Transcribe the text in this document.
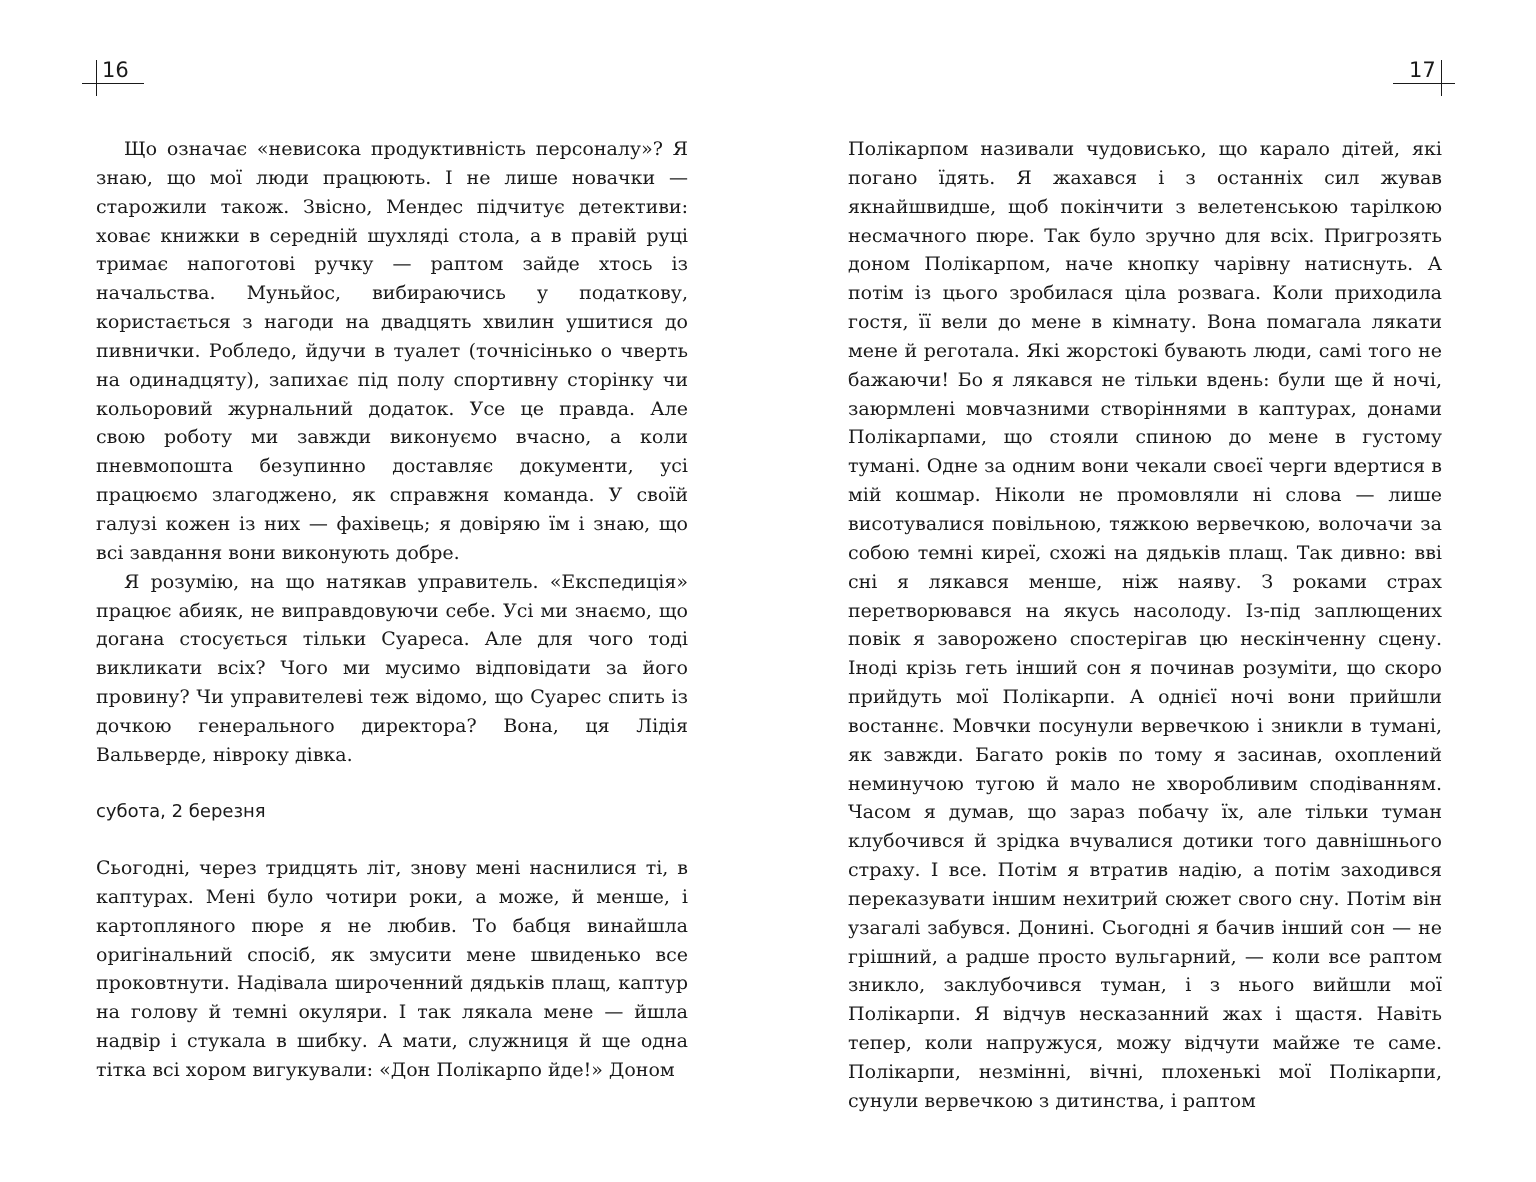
16

Що означає «невисока продуктивність персоналу»? Я знаю, що мої люди працюють. І не лише новачки — старожили також. Звісно, Мендес підчитує детективи: ховає книжки в середній шухляді стола, а в правій руці тримає напоготові ручку — раптом зайде хтось із начальства. Муньйос, вибираючись у податкову, користається з нагоди на двадцять хвилин ушитися до пивнички. Робледо, йдучи в туалет (точнісінько о чверть на одинадцяту), запихає під полу спортивну сторінку чи кольоровий журнальний додаток. Усе це правда. Але свою роботу ми завжди виконуємо вчасно, а коли пневмопошта безупинно доставляє документи, усі працюємо злагоджено, як справжня команда. У своїй галузі кожен із них — фахівець; я довіряю їм і знаю, що всі завдання вони виконують добре.

Я розумію, на що натякав управитель. «Експедиція» працює абияк, не виправдовуючи себе. Усі ми знаємо, що догана стосується тільки Суареса. Але для чого тоді викликати всіх? Чого ми мусимо відповідати за його провину? Чи управителеві теж відомо, що Суарес спить із дочкою генерального директора? Вона, ця Лідія Вальверде, нівроку дівка.

субота, 2 березня

Сьогодні, через тридцять літ, знову мені наснилися ті, в каптурах. Мені було чотири роки, а може, й менше, і картопляного пюре я не любив. То бабця винайшла оригінальний спосіб, як змусити мене швиденько все проковтнути. Надівала широченний дядьків плащ, каптур на голову й темні окуляри. І так лякала мене — йшла надвір і стукала в шибку. А мати, служниця й ще одна тітка всі хором вигукували: «Дон Полікарпо йде!» Доном

17

Полікарпом називали чудовисько, що карало дітей, які погано їдять. Я жахався і з останніх сил жував якнайшвидше, щоб покінчити з велетенською тарілкою несмачного пюре. Так було зручно для всіх. Пригрозять доном Полікарпом, наче кнопку чарівну натиснуть. А потім із цього зробилася ціла розвага. Коли приходила гостя, її вели до мене в кімнату. Вона помагала лякати мене й реготала. Які жорстокі бувають люди, самі того не бажаючи! Бо я лякався не тільки вдень: були ще й ночі, заюрмлені мовчазними створіннями в каптурах, донами Полікарпами, що стояли спиною до мене в густому тумані. Одне за одним вони чекали своєї черги вдертися в мій кошмар. Ніколи не промовляли ні слова — лише висотувалися повільною, тяжкою вервечкою, волочачи за собою темні киреї, схожі на дядьків плащ. Так дивно: вві сні я лякався менше, ніж наяву. З роками страх перетворювався на якусь насолоду. Із-під заплющених повік я заворожено спостерігав цю нескінченну сцену. Іноді крізь геть інший сон я починав розуміти, що скоро прийдуть мої Полікарпи. А однієї ночі вони прийшли востаннє. Мовчки посунули вервечкою і зникли в тумані, як завжди. Багато років по тому я засинав, охоплений неминучою тугою й мало не хворобливим сподіванням. Часом я думав, що зараз побачу їх, але тільки туман клубочився й зрідка вчувалися дотики того давнішнього страху. І все. Потім я втратив надію, а потім заходився переказувати іншим нехитрий сюжет свого сну. Потім він узагалі забувся. Донині. Сьогодні я бачив інший сон — не грішний, а радше просто вульгарний, — коли все раптом зникло, заклубочився туман, і з нього вийшли мої Полікарпи. Я відчув несказанний жах і щастя. Навіть тепер, коли напружуся, можу відчути майже те саме. Полікарпи, незмінні, вічні, плохенькі мої Полікарпи, сунули вервечкою з дитинства, і раптом
